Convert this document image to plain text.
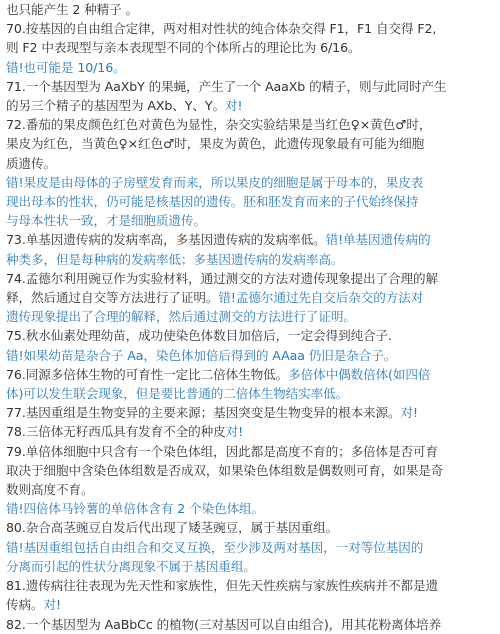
也只能产生 2 种精子 。
70.按基因的自由组合定律，两对相对性状的纯合体杂交得 F1，F1 自交得 F2,
则 F2 中表现型与亲本表现型不同的个体所占的理论比为 6/16。
错!也可能是 10/16。
71.一个基因型为 AaXbY 的果蝇，产生了一个 AaaXb 的精子，则与此同时产生
的另三个精子的基因型为 AXb、Y、Y。对!
72.番茄的果皮颜色红色对黄色为显性，杂交实验结果是当红色♀×黄色♂时，
果皮为红色，当黄色♀×红色♂时，果皮为黄色，此遗传现象最有可能为细胞
质遗传。
错!果皮是由母体的子房壁发育而来，所以果皮的细胞是属于母本的，果皮表
现出母本的性状，仍可能是核基因的遗传。胚和胚发育而来的子代始终保持
与母本性状一致，才是细胞质遗传。
73.单基因遗传病的发病率高，多基因遗传病的发病率低。错!单基因遗传病的
种类多，但是每种病的发病率低；多基因遗传病的发病率高。
74.孟德尔利用豌豆作为实验材料，通过测交的方法对遗传现象提出了合理的解
释，然后通过自交等方法进行了证明。错!孟德尔通过先自交后杂交的方法对
遗传现象提出了合理的解释，然后通过测交的方法进行了证明。
75.秋水仙素处理幼苗，成功使染色体数目加倍后，一定会得到纯合子.
错!如果幼苗是杂合子 Aa，染色体加倍后得到的 AAaa 仍旧是杂合子。
76.同源多倍体生物的可育性一定比二倍体生物低。多倍体中偶数倍体(如四倍
体)可以发生联会现象，但是要比普通的二倍体生物结实率低。
77.基因重组是生物变异的主要来源；基因突变是生物变异的根本来源。对!
78.三倍体无籽西瓜具有发育不全的种皮对!
79.单倍体细胞中只含有一个染色体组，因此都是高度不育的；多倍体是否可育
取决于细胞中含染色体组数是否成双，如果染色体组数是偶数则可育，如果是奇
数则高度不育。
错!四倍体马铃薯的单倍体含有 2 个染色体组。
80.杂合高茎豌豆自发后代出现了矮茎豌豆，属于基因重组。
错!基因重组包括自由组合和交叉互换，至少涉及两对基因，一对等位基因的
分离而引起的性状分离现象不属于基因重组。
81.遗传病往往表现为先天性和家族性，但先天性疾病与家族性疾病并不都是遗
传病。对!
82.一个基因型为 AaBbCc 的植物(三对基因可以自由组合)，用其花粉离体培养
